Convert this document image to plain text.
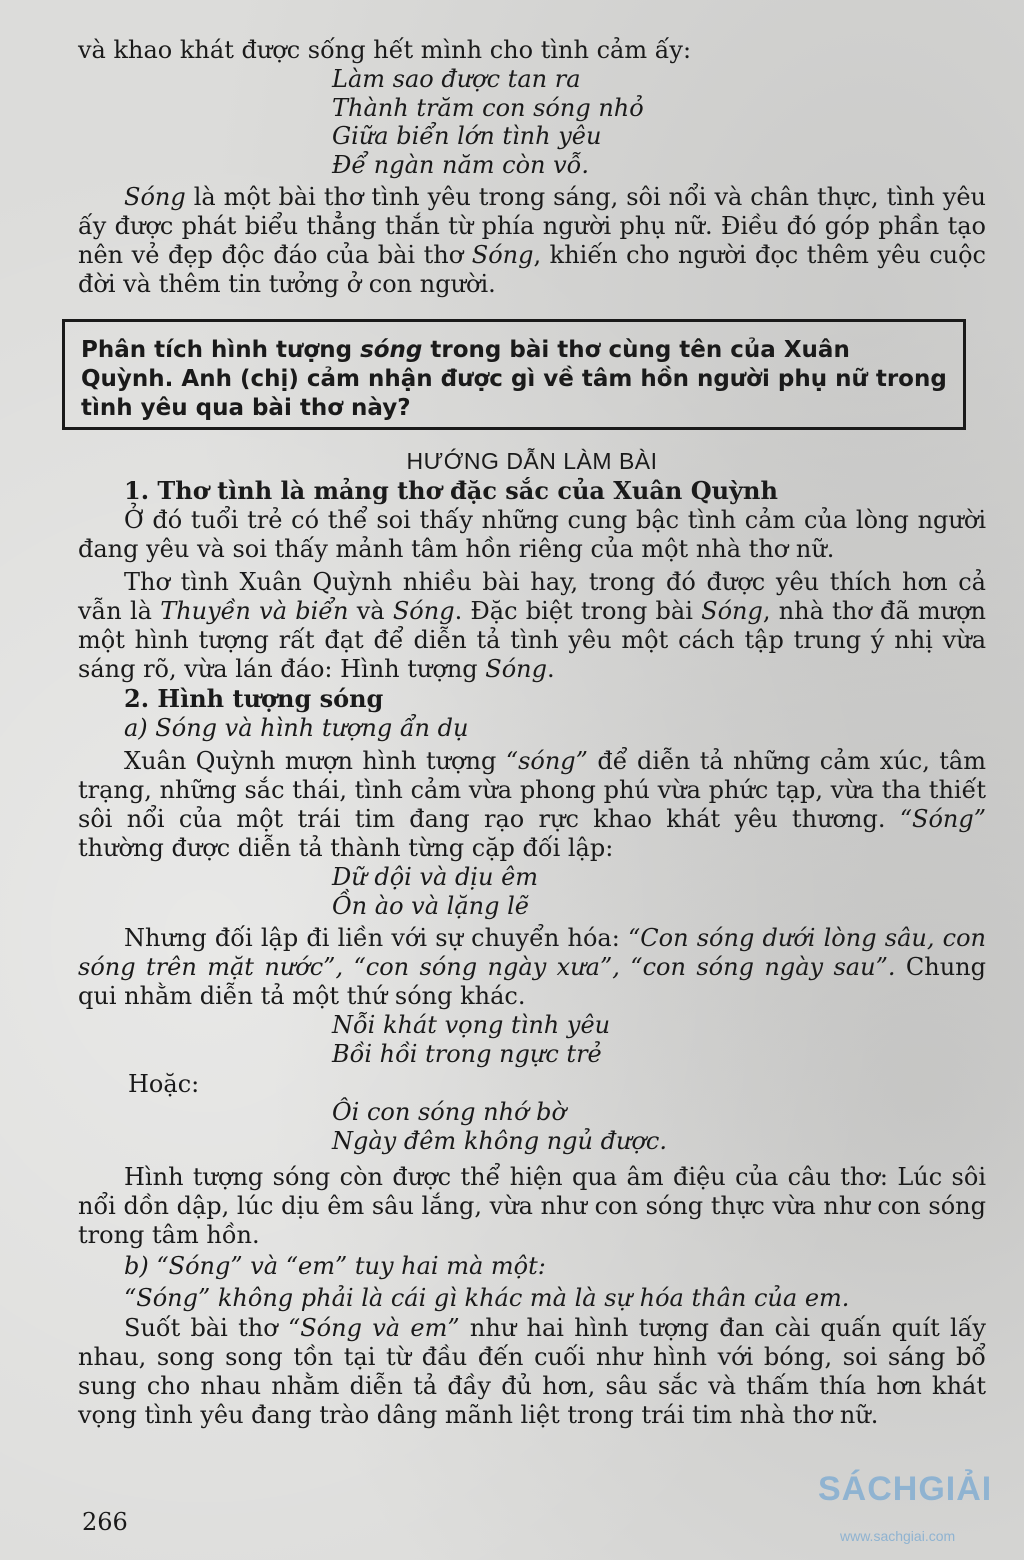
và khao khát được sống hết mình cho tình cảm ấy:

Làm sao được tan ra
Thành trăm con sóng nhỏ
Giữa biển lớn tình yêu
Để ngàn năm còn vỗ.

Sóng là một bài thơ tình yêu trong sáng, sôi nổi và chân thực, tình yêu ấy được phát biểu thẳng thắn từ phía người phụ nữ. Điều đó góp phần tạo nên vẻ đẹp độc đáo của bài thơ Sóng, khiến cho người đọc thêm yêu cuộc đời và thêm tin tưởng ở con người.

Phân tích hình tượng sóng trong bài thơ cùng tên của Xuân Quỳnh. Anh (chị) cảm nhận được gì về tâm hồn người phụ nữ trong tình yêu qua bài thơ này?
HƯỚNG DẪN LÀM BÀI
1. Thơ tình là mảng thơ đặc sắc của Xuân Quỳnh

Ở đó tuổi trẻ có thể soi thấy những cung bậc tình cảm của lòng người đang yêu và soi thấy mảnh tâm hồn riêng của một nhà thơ nữ.

Thơ tình Xuân Quỳnh nhiều bài hay, trong đó được yêu thích hơn cả vẫn là Thuyền và biển và Sóng. Đặc biệt trong bài Sóng, nhà thơ đã mượn một hình tượng rất đạt để diễn tả tình yêu một cách tập trung ý nhị vừa sáng rõ, vừa lán đáo: Hình tượng Sóng.

2. Hình tượng sóng
a) Sóng và hình tượng ẩn dụ

Xuân Quỳnh mượn hình tượng “sóng” để diễn tả những cảm xúc, tâm trạng, những sắc thái, tình cảm vừa phong phú vừa phức tạp, vừa tha thiết sôi nổi của một trái tim đang rạo rực khao khát yêu thương. “Sóng” thường được diễn tả thành từng cặp đối lập:

Dữ dội và dịu êm
Ồn ào và lặng lẽ

Nhưng đối lập đi liền với sự chuyển hóa: “Con sóng dưới lòng sâu, con sóng trên mặt nước”, “con sóng ngày xưa”, “con sóng ngày sau”. Chung qui nhằm diễn tả một thứ sóng khác.

Nỗi khát vọng tình yêu
Bồi hồi trong ngực trẻ
Hoặc:
Ôi con sóng nhớ bờ
Ngày đêm không ngủ được.

Hình tượng sóng còn được thể hiện qua âm điệu của câu thơ: Lúc sôi nổi dồn dập, lúc dịu êm sâu lắng, vừa như con sóng thực vừa như con sóng trong tâm hồn.

b) “Sóng” và “em” tuy hai mà một:
“Sóng” không phải là cái gì khác mà là sự hóa thân của em.

Suốt bài thơ “Sóng và em” như hai hình tượng đan cài quấn quít lấy nhau, song song tồn tại từ đầu đến cuối như hình với bóng, soi sáng bổ sung cho nhau nhằm diễn tả đầy đủ hơn, sâu sắc và thấm thía hơn khát vọng tình yêu đang trào dâng mãnh liệt trong trái tim nhà thơ nữ.

266
SÁCHGIẢI
www.sachgiai.com
